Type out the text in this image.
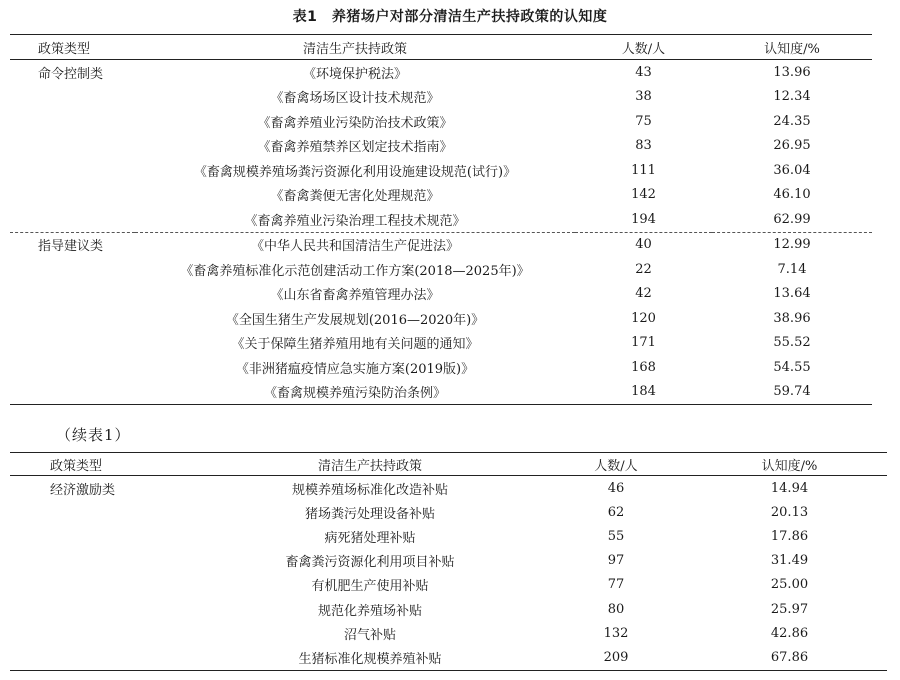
表1　养猪场户对部分清洁生产扶持政策的认知度
政策类型	清洁生产扶持政策	人数/人	认知度/%
命令控制类	《环境保护税法》	43	13.96
	《畜禽场场区设计技术规范》	38	12.34
	《畜禽养殖业污染防治技术政策》	75	24.35
	《畜禽养殖禁养区划定技术指南》	83	26.95
	《畜禽规模养殖场粪污资源化利用设施建设规范(试行)》	111	36.04
	《畜禽粪便无害化处理规范》	142	46.10
	《畜禽养殖业污染治理工程技术规范》	194	62.99
指导建议类	《中华人民共和国清洁生产促进法》	40	12.99
	《畜禽养殖标准化示范创建活动工作方案(2018—2025年)》	22	7.14
	《山东省畜禽养殖管理办法》	42	13.64
	《全国生猪生产发展规划(2016—2020年)》	120	38.96
	《关于保障生猪养殖用地有关问题的通知》	171	55.52
	《非洲猪瘟疫情应急实施方案(2019版)》	168	54.55
	《畜禽规模养殖污染防治条例》	184	59.74
（续表1）
政策类型	清洁生产扶持政策	人数/人	认知度/%
经济激励类	规模养殖场标准化改造补贴	46	14.94
	猪场粪污处理设备补贴	62	20.13
	病死猪处理补贴	55	17.86
	畜禽粪污资源化利用项目补贴	97	31.49
	有机肥生产使用补贴	77	25.00
	规范化养殖场补贴	80	25.97
	沼气补贴	132	42.86
	生猪标准化规模养殖补贴	209	67.86
